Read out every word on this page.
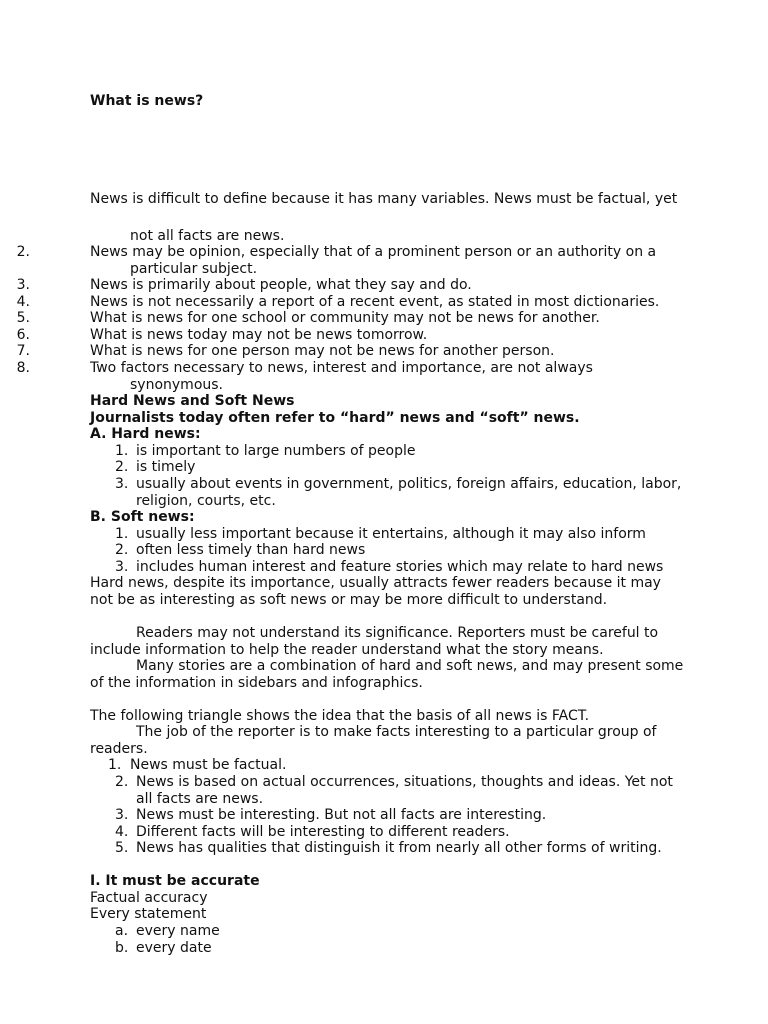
What is news?
News is difficult to define because it has many variables. News must be factual, yet
not all facts are news.
2.	News may be opinion, especially that of a prominent person or an authority on a
particular subject.
3.	News is primarily about people, what they say and do.
4.	News is not necessarily a report of a recent event, as stated in most dictionaries.
5.	What is news for one school or community may not be news for another.
6.	What is news today may not be news tomorrow.
7.	What is news for one person may not be news for another person.
8.	Two factors necessary to news, interest and importance, are not always
synonymous.
Hard News and Soft News
Journalists today often refer to “hard” news and “soft” news.
A. Hard news:
1. is important to large numbers of people
2. is timely
3. usually about events in government, politics, foreign affairs, education, labor,
religion, courts, etc.
B. Soft news:
1. usually less important because it entertains, although it may also inform
2. often less timely than hard news
3. includes human interest and feature stories which may relate to hard news
Hard news, despite its importance, usually attracts fewer readers because it may
not be as interesting as soft news or may be more difficult to understand.
Readers may not understand its significance. Reporters must be careful to
include information to help the reader understand what the story means.
Many stories are a combination of hard and soft news, and may present some
of the information in sidebars and infographics.
The following triangle shows the idea that the basis of all news is FACT.
The job of the reporter is to make facts interesting to a particular group of
readers.
1. News must be factual.
2. News is based on actual occurrences, situations, thoughts and ideas. Yet not
all facts are news.
3. News must be interesting. But not all facts are interesting.
4. Different facts will be interesting to different readers.
5. News has qualities that distinguish it from nearly all other forms of writing.
I. It must be accurate
Factual accuracy
Every statement
a. every name
b. every date
